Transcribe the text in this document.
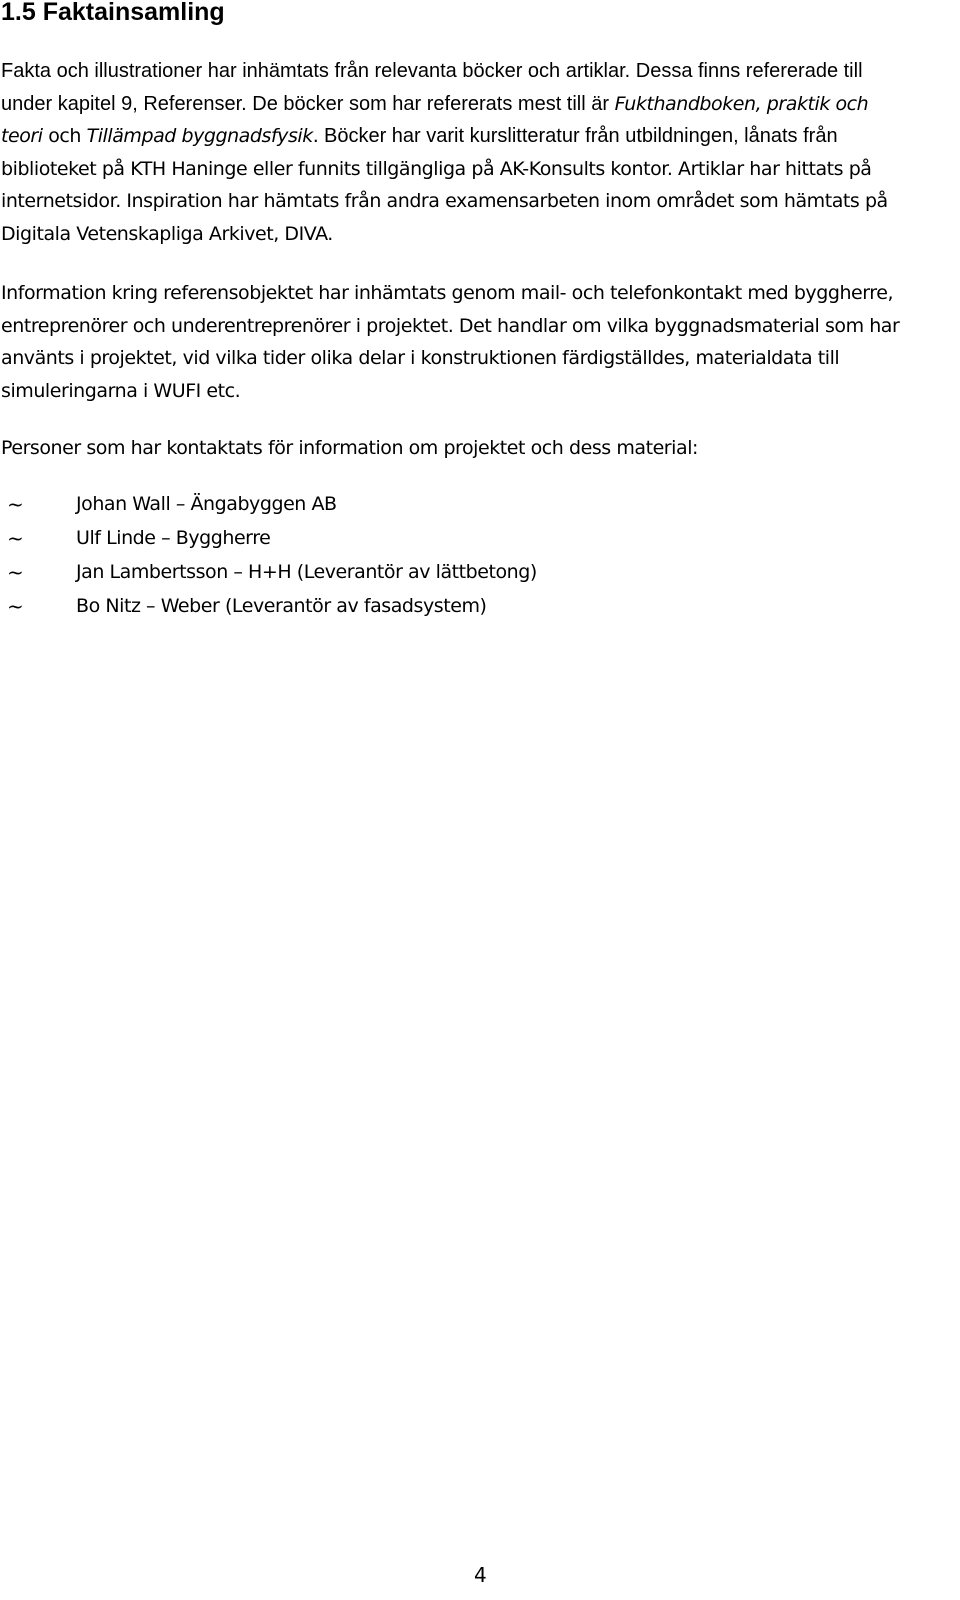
1.5 Faktainsamling

Fakta och illustrationer har inhämtats från relevanta böcker och artiklar. Dessa finns refererade till
under kapitel 9, Referenser. De böcker som har refererats mest till är Fukthandboken, praktik och
teori och Tillämpad byggnadsfysik. Böcker har varit kurslitteratur från utbildningen, lånats från
biblioteket på KTH Haninge eller funnits tillgängliga på AK-Konsults kontor. Artiklar har hittats på
internetsidor. Inspiration har hämtats från andra examensarbeten inom området som hämtats på
Digitala Vetenskapliga Arkivet, DIVA.

Information kring referensobjektet har inhämtats genom mail- och telefonkontakt med byggherre,
entreprenörer och underentreprenörer i projektet. Det handlar om vilka byggnadsmaterial som har
använts i projektet, vid vilka tider olika delar i konstruktionen färdigställdes, materialdata till
simuleringarna i WUFI etc.

Personer som har kontaktats för information om projektet och dess material:

~	Johan Wall – Ängabyggen AB
~	Ulf Linde – Byggherre
~	Jan Lambertsson – H+H (Leverantör av lättbetong)
~	Bo Nitz – Weber (Leverantör av fasadsystem)
4
